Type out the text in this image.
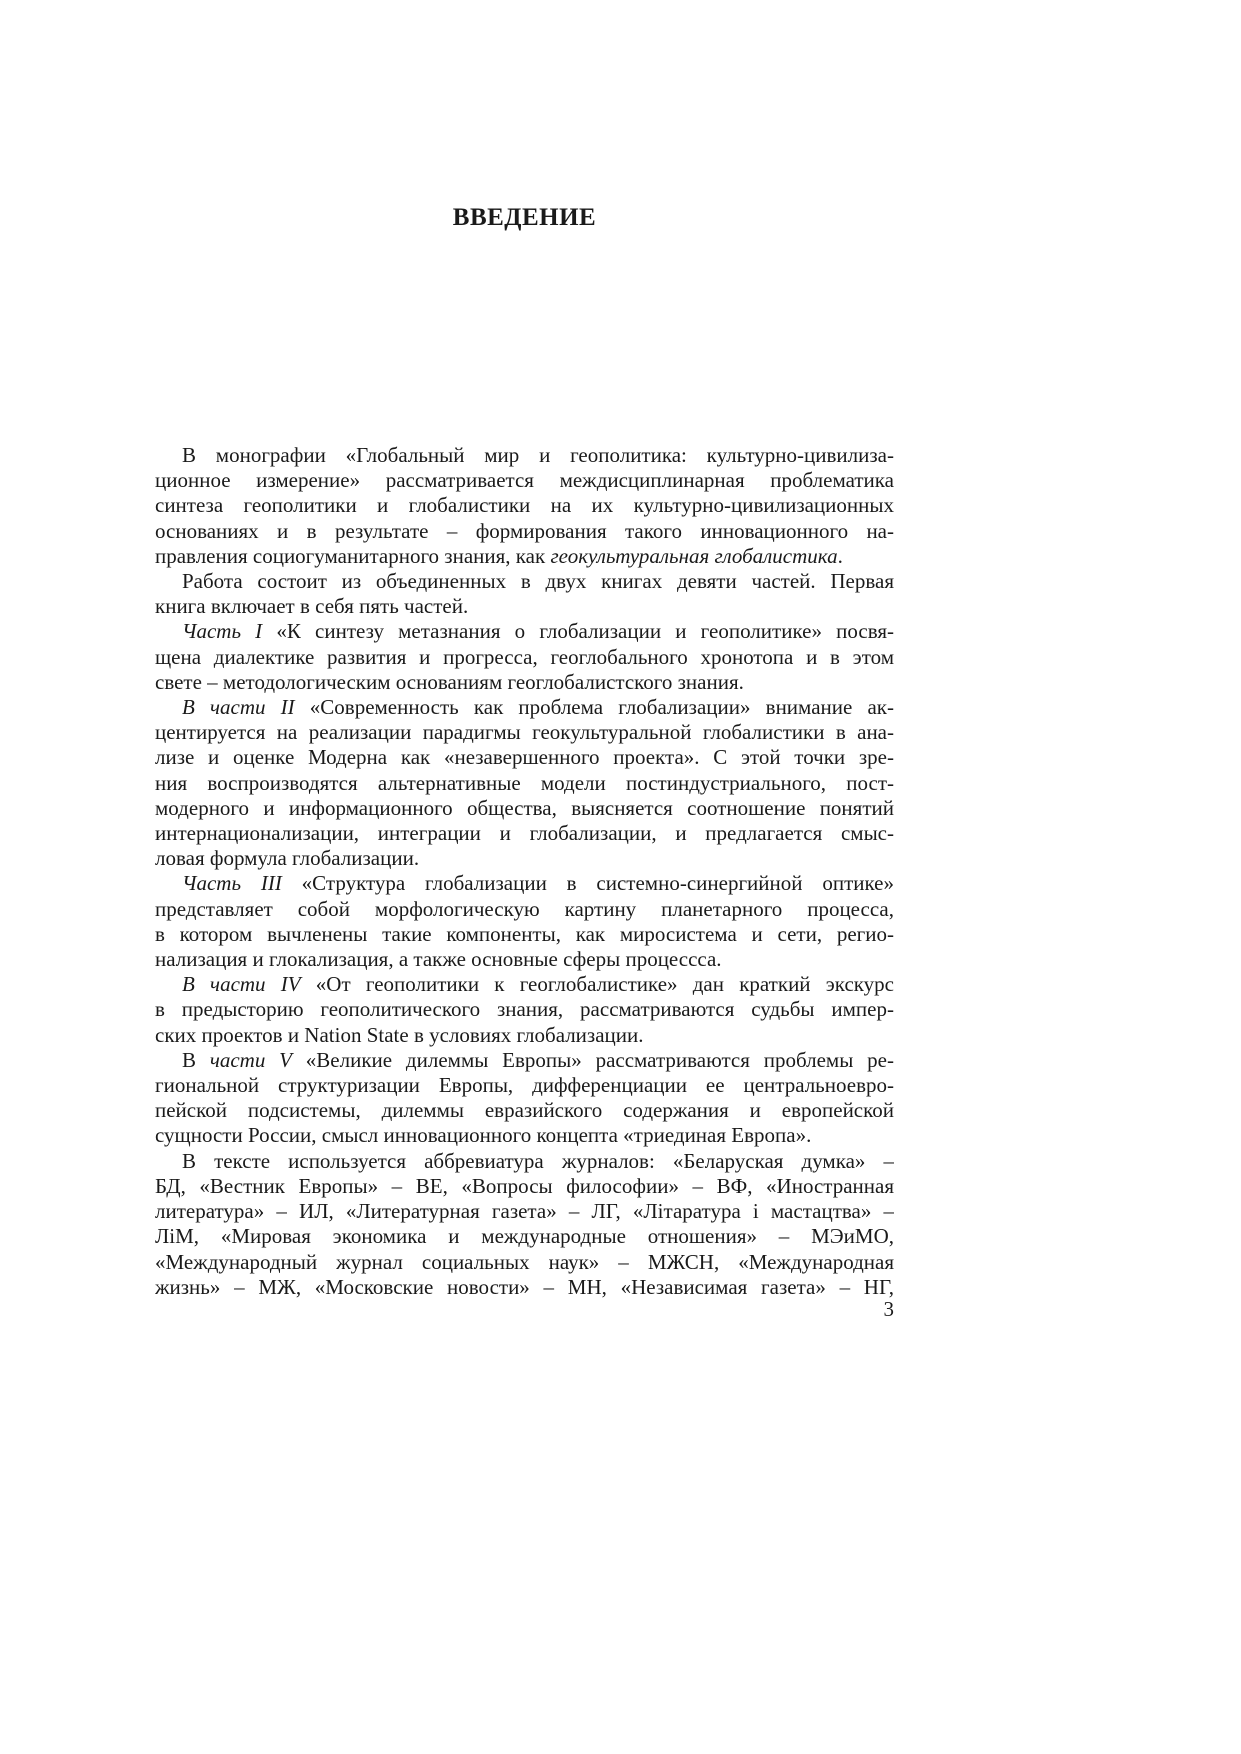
ВВЕДЕНИЕ
В монографии «Глобальный мир и геополитика: культурно-цивилиза-
ционное измерение» рассматривается междисциплинарная проблематика
синтеза геополитики и глобалистики на их культурно-цивилизационных
основаниях и в результате – формирования такого инновационного на-
правления социогуманитарного знания, как геокультуральная глобалистика.
Работа состоит из объединенных в двух книгах девяти частей. Первая
книга включает в себя пять частей.
Часть I «К синтезу метазнания о глобализации и геополитике» посвя-
щена диалектике развития и прогресса, геоглобального хронотопа и в этом
свете – методологическим основаниям геоглобалистского знания.
В части II «Современность как проблема глобализации» внимание ак-
центируется на реализации парадигмы геокультуральной глобалистики в ана-
лизе и оценке Модерна как «незавершенного проекта». С этой точки зре-
ния воспроизводятся альтернативные модели постиндустриального, пост-
модерного и информационного общества, выясняется соотношение понятий
интернационализации, интеграции и глобализации, и предлагается смыс-
ловая формула глобализации.
Часть III «Структура глобализации в системно-синергийной оптике»
представляет собой морфологическую картину планетарного процесса,
в котором вычленены такие компоненты, как миросистема и сети, регио-
нализация и глокализация, а также основные сферы процессса.
В части IV «От геополитики к геоглобалистике» дан краткий экскурс
в предысторию геополитического знания, рассматриваются судьбы импер-
ских проектов и Nation State в условиях глобализации.
В части V «Великие дилеммы Европы» рассматриваются проблемы ре-
гиональной структуризации Европы, дифференциации ее центральноевро-
пейской подсистемы, дилеммы евразийского содержания и европейской
сущности России, смысл инновационного концепта «триединая Европа».
В тексте используется аббревиатура журналов: «Беларуская думка» –
БД, «Вестник Европы» – ВЕ, «Вопросы философии» – ВФ, «Иностранная
литература» – ИЛ, «Литературная газета» – ЛГ, «Літаратура і мастацтва» –
ЛіМ, «Мировая экономика и международные отношения» – МЭиМО,
«Международный журнал социальных наук» – МЖСН, «Международная
жизнь» – МЖ, «Московские новости» – МН, «Независимая газета» – НГ,
3
